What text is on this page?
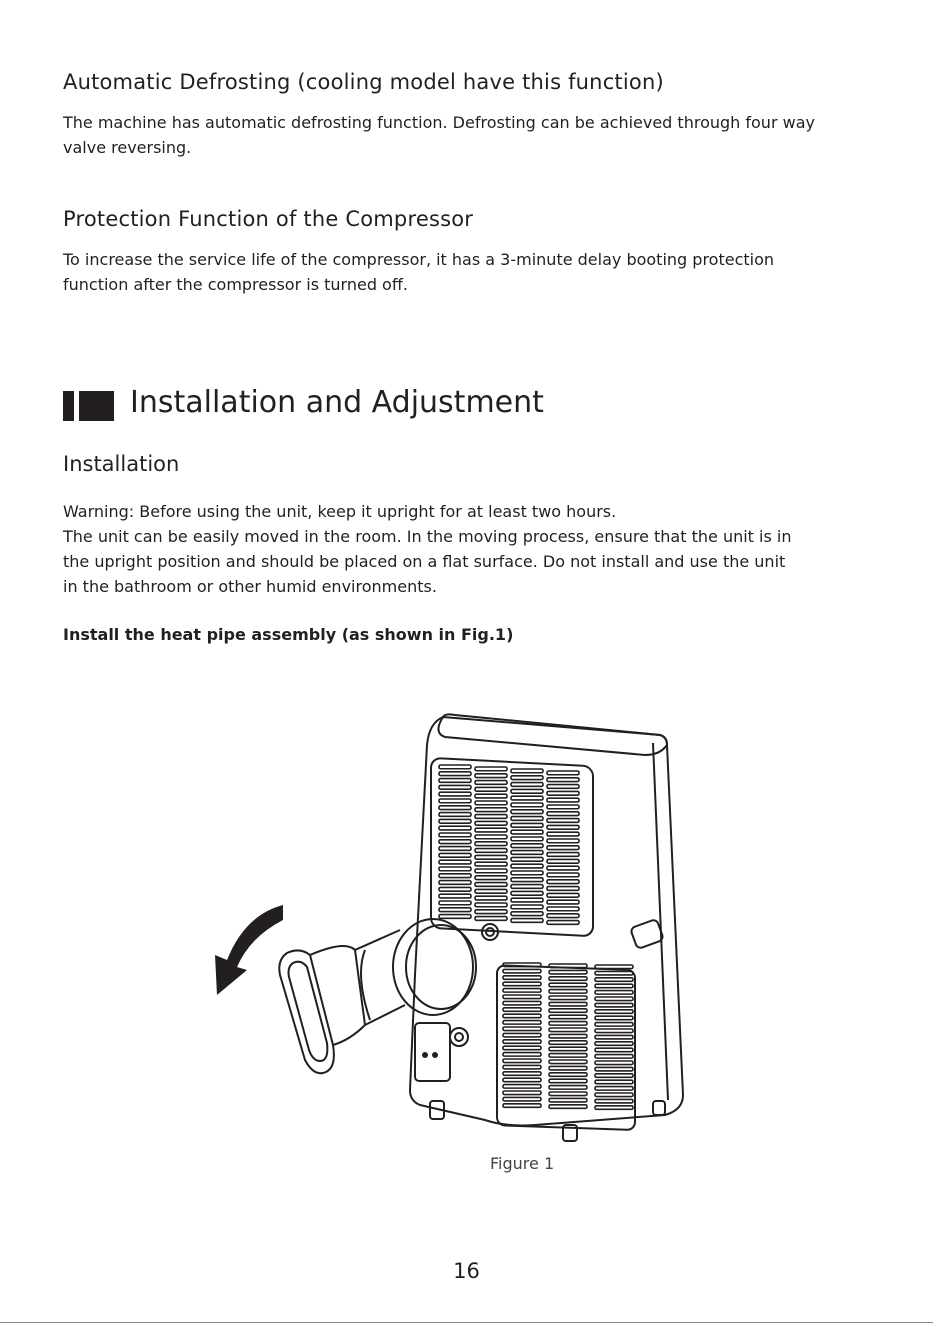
Automatic Defrosting (cooling model have this function)

The machine has automatic defrosting function. Defrosting can be achieved through four way
valve reversing.

Protection Function of the Compressor

To increase the service life of the compressor, it has a 3-minute delay booting protection
function after the compressor is turned off.

Installation and Adjustment
Installation

Warning: Before using the unit, keep it upright for at least two hours.
The unit can be easily moved in the room. In the moving process, ensure that the unit is in
the upright position and should be placed on a flat surface. Do not install and use the unit
in the bathroom or other humid environments.

Install the heat pipe assembly (as shown in Fig.1)

Figure 1
16
